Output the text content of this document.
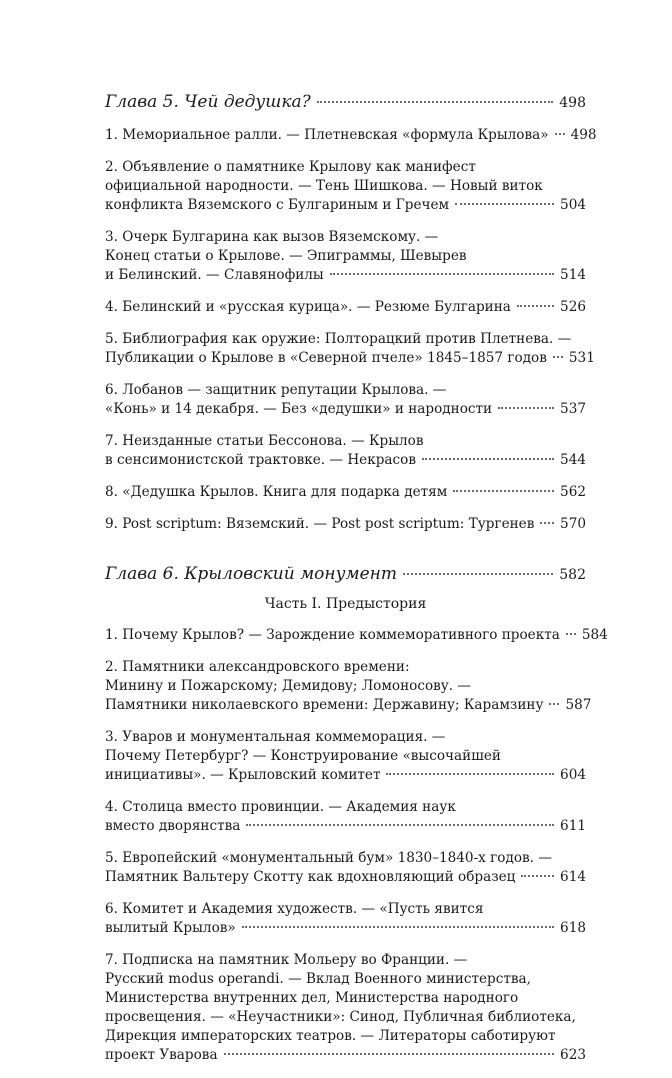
Глава 5. Чей дедушка?	498
1. Мемориальное ралли. — Плетневская «формула Крылова»	498
2. Объявление о памятнике Крылову как манифест
официальной народности. — Тень Шишкова. — Новый виток
конфликта Вяземского с Булгариным и Гречем	504
3. Очерк Булгарина как вызов Вяземскому. —
Конец статьи о Крылове. — Эпиграммы, Шевырев
и Белинский. — Славянофилы	514
4. Белинский и «русская курица». — Резюме Булгарина	526
5. Библиография как оружие: Полторацкий против Плетнева. —
Публикации о Крылове в «Северной пчеле» 1845–1857 годов	531
6. Лобанов — защитник репутации Крылова. —
«Конь» и 14 декабря. — Без «дедушки» и народности	537
7. Неизданные статьи Бессонова. — Крылов
в сенсимонистской трактовке. — Некрасов	544
8. «Дедушка Крылов. Книга для подарка детям	562
9. Post scriptum: Вяземский. — Post post scriptum: Тургенев	570
Глава 6. Крыловский монумент	582
Часть I. Предыстория
1. Почему Крылов? — Зарождение коммеморативного проекта	584
2. Памятники александровского времени:
Минину и Пожарскому; Демидову; Ломоносову. —
Памятники николаевского времени: Державину; Карамзину	587
3. Уваров и монументальная коммеморация. —
Почему Петербург? — Конструирование «высочайшей
инициативы». — Крыловский комитет	604
4. Столица вместо провинции. — Академия наук
вместо дворянства	611
5. Европейский «монументальный бум» 1830–1840-х годов. —
Памятник Вальтеру Скотту как вдохновляющий образец	614
6. Комитет и Академия художеств. — «Пусть явится
вылитый Крылов»	618
7. Подписка на памятник Мольеру во Франции. —
Русский modus operandi. — Вклад Военного министерства,
Министерства внутренних дел, Министерства народного
просвещения. — «Неучастники»: Синод, Публичная библиотека,
Дирекция императорских театров. — Литераторы саботируют
проект Уварова	623
